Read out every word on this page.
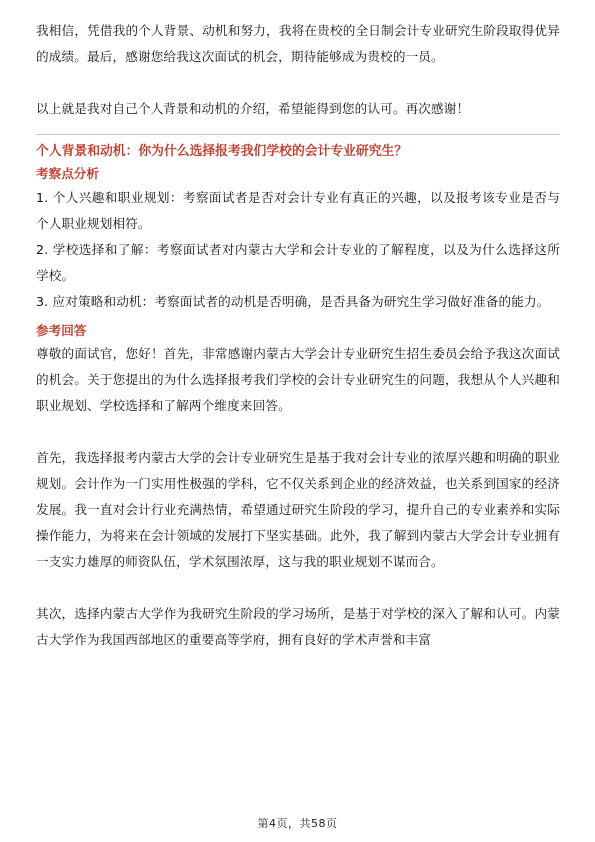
我相信，凭借我的个人背景、动机和努力，我将在贵校的全日制会计专业研究生阶段取得优异的成绩。最后，感谢您给我这次面试的机会，期待能够成为贵校的一员。

以上就是我对自己个人背景和动机的介绍，希望能得到您的认可。再次感谢！

个人背景和动机：你为什么选择报考我们学校的会计专业研究生？
考察点分析

1. 个人兴趣和职业规划：考察面试者是否对会计专业有真正的兴趣，以及报考该专业是否与个人职业规划相符。

2. 学校选择和了解：考察面试者对内蒙古大学和会计专业的了解程度，以及为什么选择这所学校。

3. 应对策略和动机：考察面试者的动机是否明确，是否具备为研究生学习做好准备的能力。

参考回答

尊敬的面试官，您好！首先，非常感谢内蒙古大学会计专业研究生招生委员会给予我这次面试的机会。关于您提出的为什么选择报考我们学校的会计专业研究生的问题，我想从个人兴趣和职业规划、学校选择和了解两个维度来回答。

首先，我选择报考内蒙古大学的会计专业研究生是基于我对会计专业的浓厚兴趣和明确的职业规划。会计作为一门实用性极强的学科，它不仅关系到企业的经济效益，也关系到国家的经济发展。我一直对会计行业充满热情，希望通过研究生阶段的学习，提升自己的专业素养和实际操作能力，为将来在会计领域的发展打下坚实基础。此外，我了解到内蒙古大学会计专业拥有一支实力雄厚的师资队伍，学术氛围浓厚，这与我的职业规划不谋而合。

其次，选择内蒙古大学作为我研究生阶段的学习场所，是基于对学校的深入了解和认可。内蒙古大学作为我国西部地区的重要高等学府，拥有良好的学术声誉和丰富

第4页，共58页
